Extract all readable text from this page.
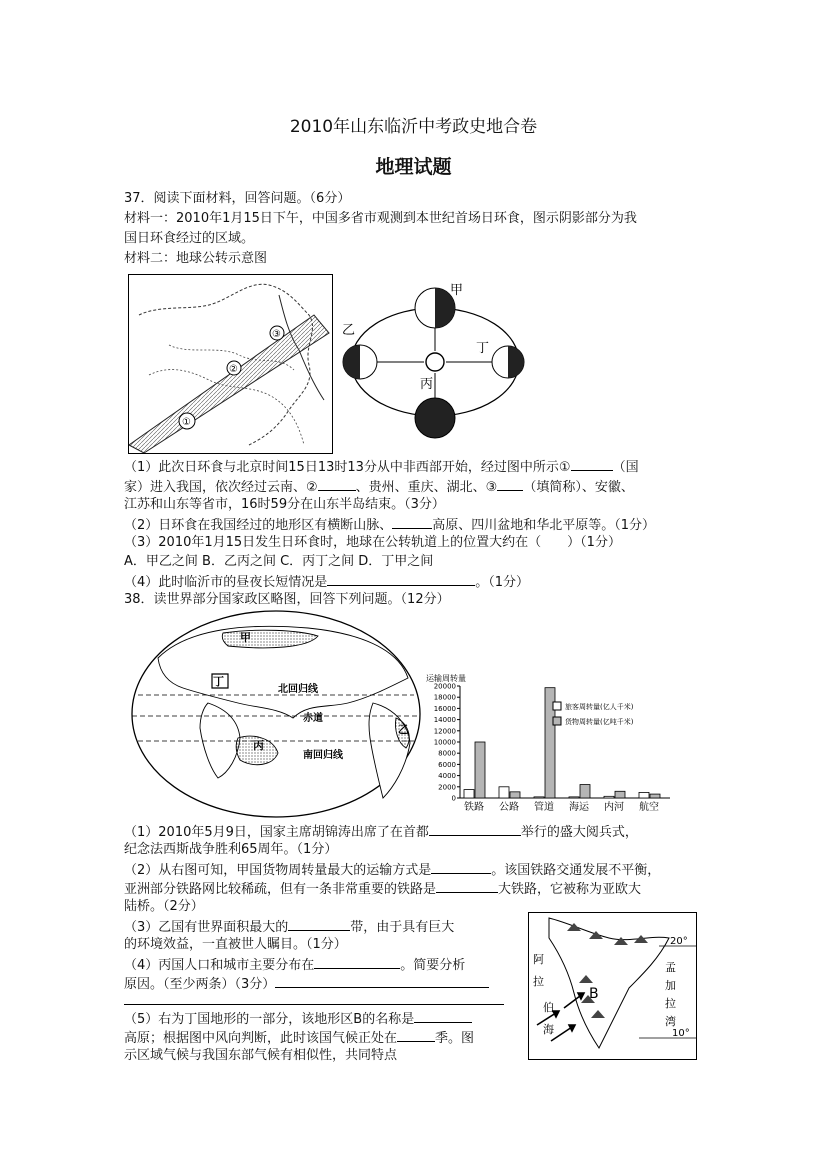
2010年山东临沂中考政史地合卷
地理试题
37．阅读下面材料，回答问题。（6分）
材料一：2010年1月15日下午，中国多省市观测到本世纪首场日环食，图示阴影部分为我
国日环食经过的区域。
材料二：地球公转示意图
①
②
③
甲
乙
丙
丁
（1）此次日环食与北京时间15日13时13分从中非西部开始，经过图中所示①	（国
家）进入我国，依次经过云南、②	、贵州、重庆、湖北、③ （填简称）、安徽、
江苏和山东等省市，16时59分在山东半岛结束。（3分）
（2）日环食在我国经过的地形区有横断山脉、	高原、四川盆地和华北平原等。（1分）
（3）2010年1月15日发生日环食时，地球在公转轨道上的位置大约在（　　）（1分）
A．甲乙之间 B．乙丙之间 C．丙丁之间 D．丁甲之间
（4）此时临沂市的昼夜长短情况是	。（1分）
38．读世界部分国家政区略图，回答下列问题。（12分）
甲
丁
丙
乙
北回归线
赤道
南回归线
运输周转量
0
2000
4000
6000
8000
10000
12000
14000
16000
18000
20000
铁路 公路 管道 海运 内河 航空
旅客周转量(亿人千米)
货物周转量(亿吨千米)
（1）2010年5月9日，国家主席胡锦涛出席了在首都	举行的盛大阅兵式，
纪念法西斯战争胜利65周年。（1分）
（2）从右图可知，甲国货物周转量最大的运输方式是	。该国铁路交通发展不平衡，
亚洲部分铁路网比较稀疏，但有一条非常重要的铁路是	大铁路，它被称为亚欧大
陆桥。（2分）
（3）乙国有世界面积最大的	带，由于具有巨大
的环境效益，一直被世人瞩目。（1分）
（4）丙国人口和城市主要分布在	。简要分析
原因。（至少两条）（3分）
（5）右为丁国地形的一部分，该地形区B的名称是
高原；根据图中风向判断，此时该国气候正处在	季。图
示区域气候与我国东部气候有相似性，共同特点
20°
10°
B
阿
拉
伯
海
孟
加
拉
湾
